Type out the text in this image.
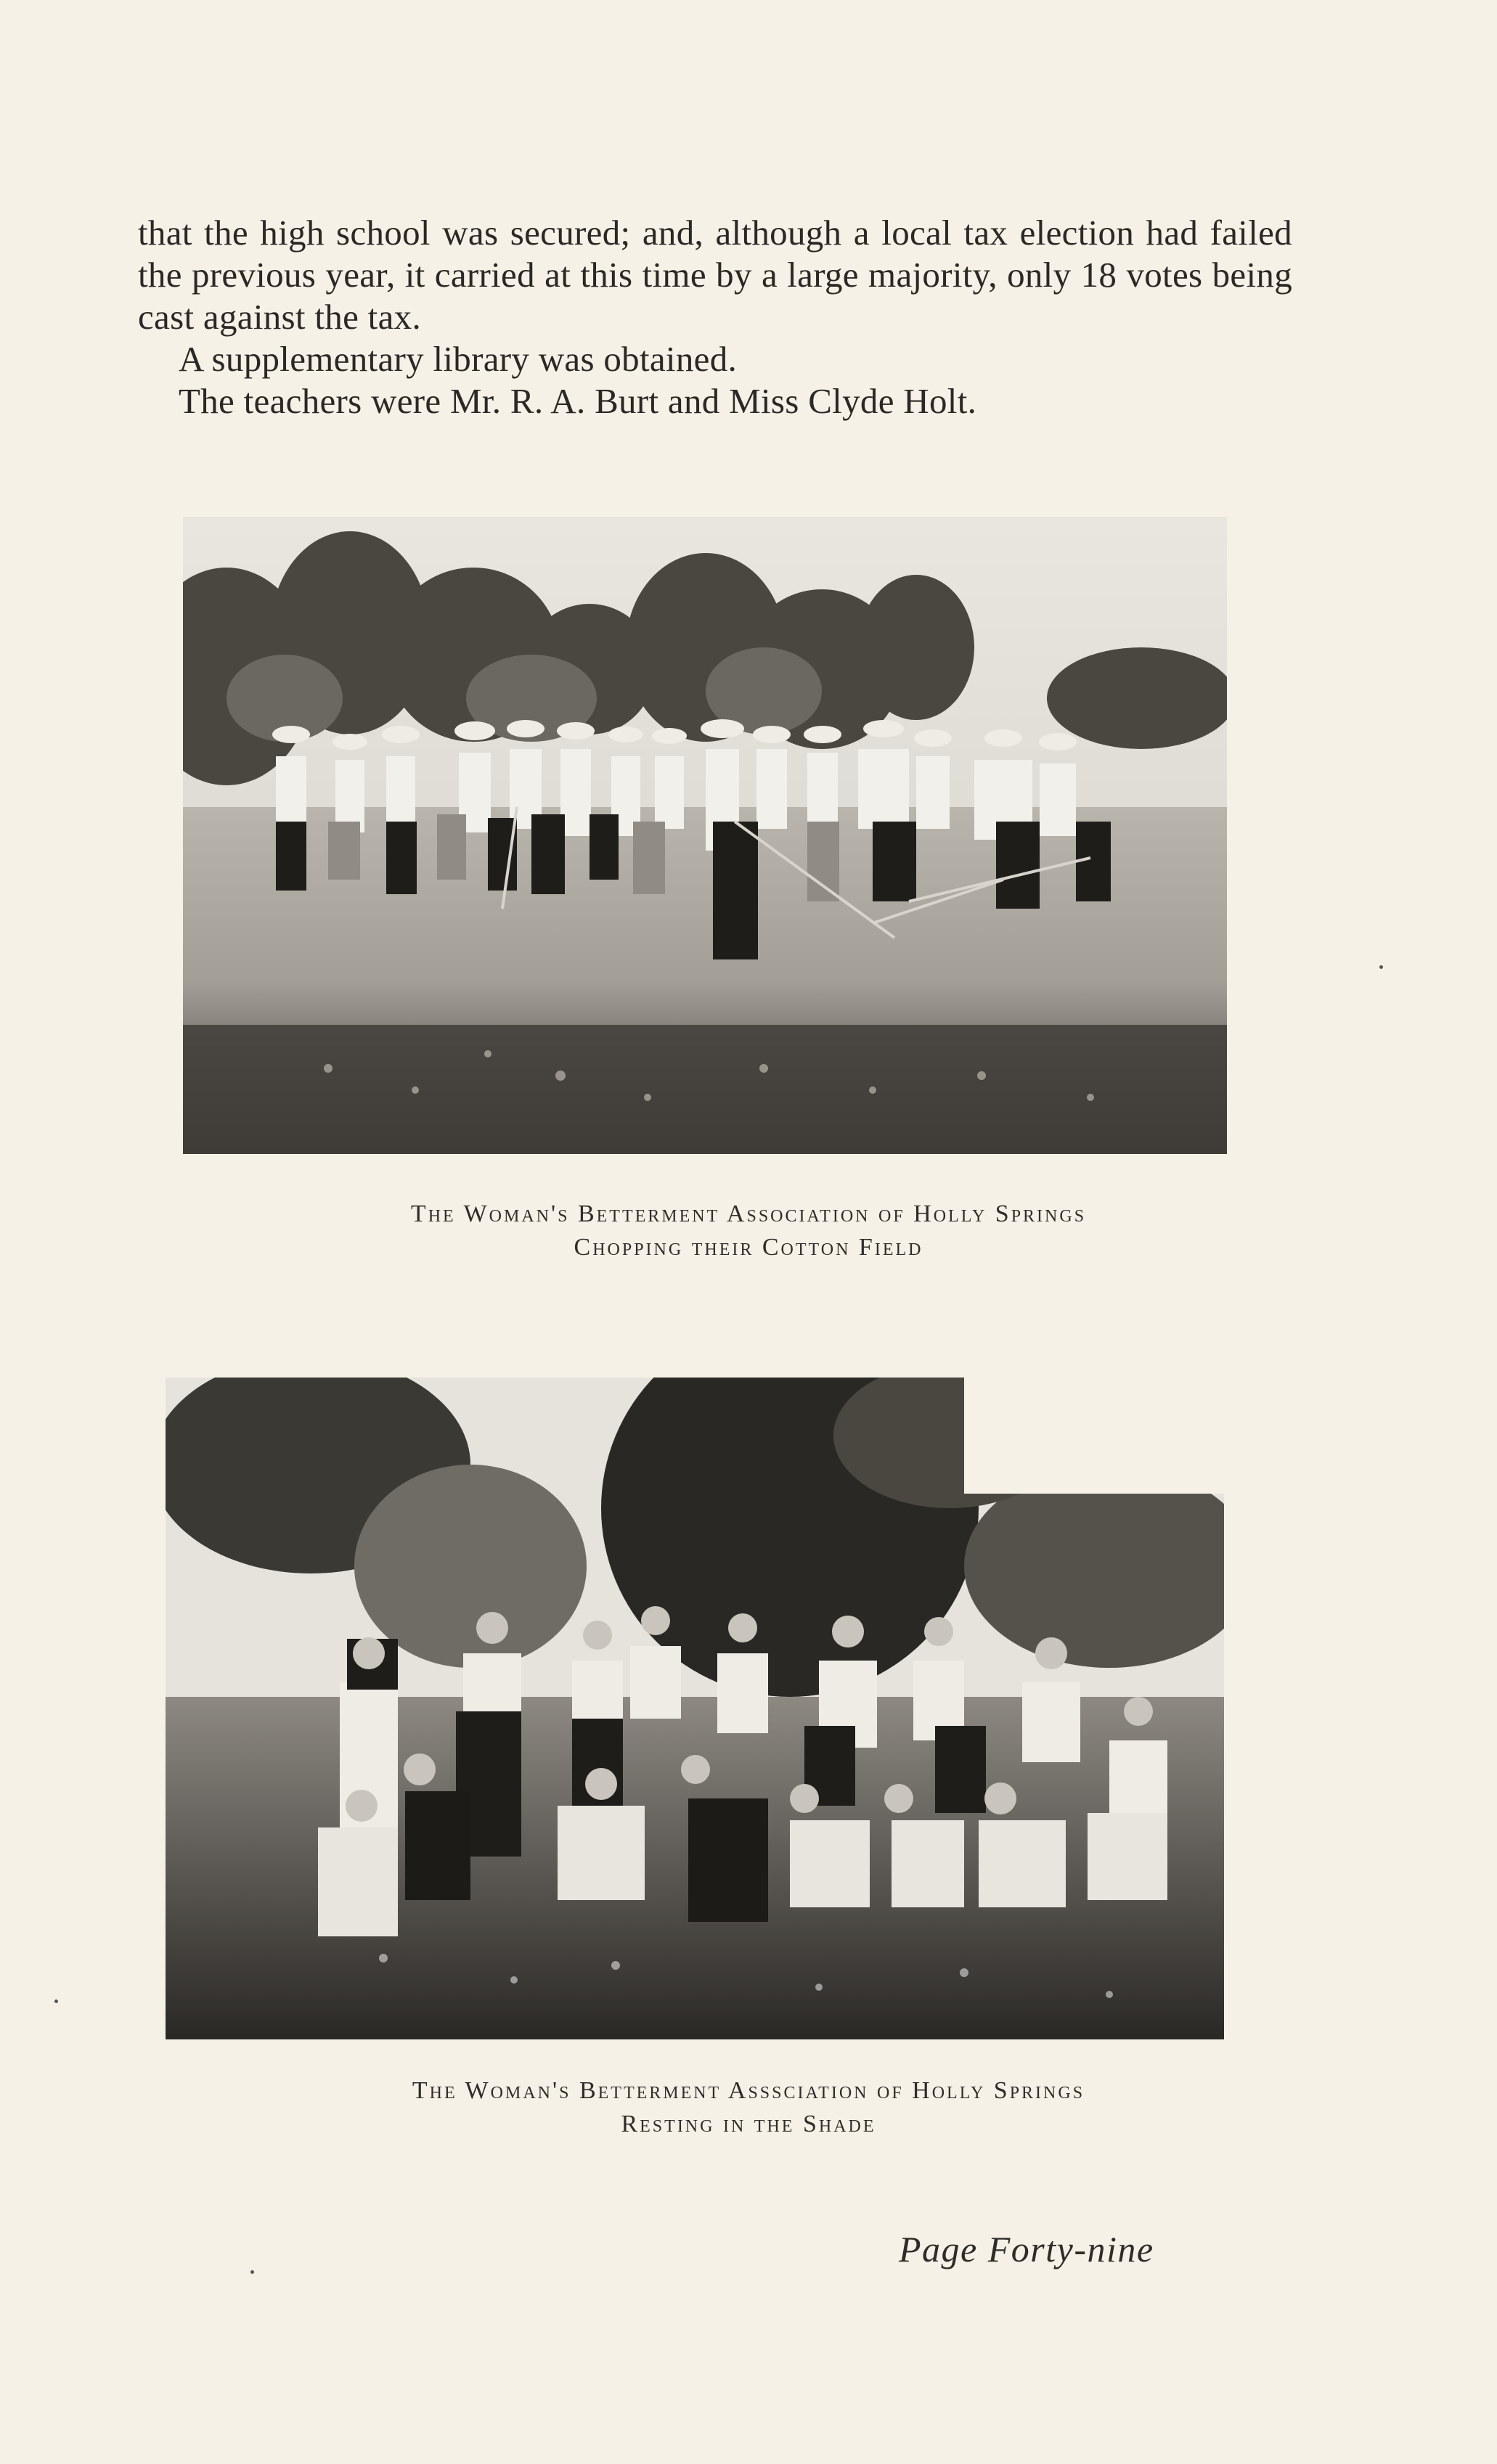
that the high school was secured; and, although a local tax election had failed the previous year, it carried at this time by a large majority, only 18 votes being cast against the tax.

A supplementary library was obtained.

The teachers were Mr. R. A. Burt and Miss Clyde Holt.

The Woman's Betterment Association of Holly Springs
Chopping their Cotton Field
The Woman's Betterment Asssciation of Holly Springs
Resting in the Shade
Page Forty-nine
